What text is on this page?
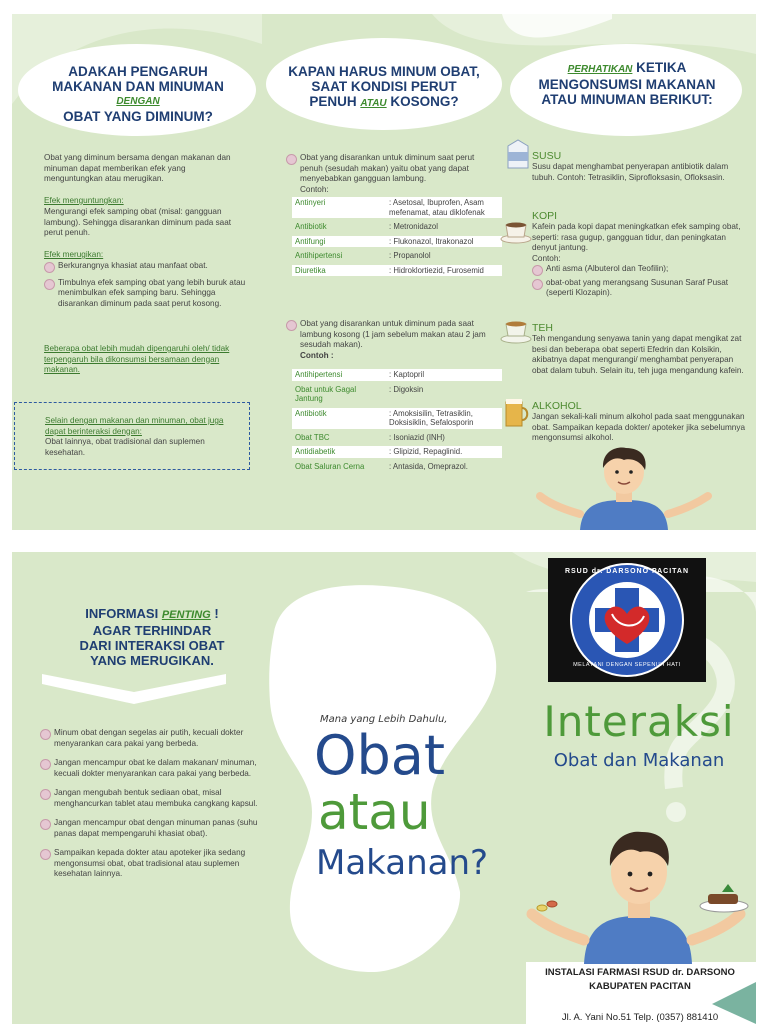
ADAKAH PENGARUH
MAKANAN DAN MINUMAN
DENGAN
OBAT YANG DIMINUM?
Obat yang diminum bersama dengan makanan dan minuman dapat memberikan efek yang menguntungkan atau merugikan.
Efek menguntungkan:
Mengurangi efek samping obat (misal: gangguan lambung). Sehingga disarankan diminum pada saat perut penuh.
Efek merugikan:
Berkurangnya khasiat atau manfaat obat.
Timbulnya efek samping obat yang lebih buruk atau menimbulkan efek samping baru. Sehingga disarankan diminum pada saat perut kosong.
Beberapa obat lebih mudah dipengaruhi oleh/ tidak terpengaruh bila dikonsumsi bersamaan dengan makanan.
Selain dengan makanan dan minuman, obat juga dapat berinteraksi dengan:
Obat lainnya, obat tradisional dan suplemen kesehatan.
KAPAN HARUS MINUM OBAT,
SAAT KONDISI PERUT
PENUH ATAU KOSONG?
Obat yang disarankan untuk diminum saat perut penuh (sesudah makan) yaitu obat yang dapat menyebabkan gangguan lambung.
Contoh:
Antinyeri	: Asetosal, Ibuprofen, Asam mefenamat, atau diklofenak
Antibiotik	: Metronidazol
Antifungi	: Flukonazol, Itrakonazol
Antihipertensi	: Propanolol
Diuretika	: Hidroklortiezid, Furosemid
Obat yang disarankan untuk diminum pada saat lambung kosong (1 jam sebelum makan atau 2 jam sesudah makan).
Contoh :
Antihipertensi	: Kaptopril
Obat untuk Gagal Jantung	: Digoksin
Antibiotik	: Amoksisilin, Tetrasiklin, Doksisiklin, Sefalosporin
Obat TBC	: Isoniazid (INH)
Antidiabetik	: Glipizid, Repaglinid.
Obat Saluran Cerna	: Antasida, Omeprazol.
PERHATIKAN KETIKA
MENGONSUMSI MAKANAN
ATAU MINUMAN BERIKUT:
SUSU
Susu dapat menghambat penyerapan antibiotik dalam tubuh. Contoh: Tetrasiklin, Siprofloksasin, Ofloksasin.
KOPI
Kafein pada kopi dapat meningkatkan efek samping obat, seperti: rasa gugup, gangguan tidur, dan peningkatan denyut jantung.
Contoh:
Anti asma (Albuterol dan Teofilin);
obat-obat yang merangsang Susunan Saraf Pusat (seperti Klozapin).
TEH
Teh mengandung senyawa tanin yang dapat mengikat zat besi dan beberapa obat seperti Efedrin dan Kolsikin, akibatnya dapat mengurangi/ menghambat penyerapan obat dalam tubuh. Selain itu, teh juga mengandung kafein.
ALKOHOL
Jangan sekali-kali minum alkohol pada saat menggunakan obat. Sampaikan kepada dokter/ apoteker jika sebelumnya mengonsumsi alkohol.
INFORMASI PENTING !
AGAR TERHINDAR
DARI INTERAKSI OBAT
YANG MERUGIKAN.
Minum obat dengan segelas air putih, kecuali dokter menyarankan cara pakai yang berbeda.
Jangan mencampur obat ke dalam makanan/ minuman, kecuali dokter menyarankan cara pakai yang berbeda.
Jangan mengubah bentuk sediaan obat, misal menghancurkan tablet atau membuka cangkang kapsul.
Jangan mencampur obat dengan minuman panas (suhu panas dapat mempengaruhi khasiat obat).
Sampaikan kepada dokter atau apoteker jika sedang mengonsumsi obat, obat tradisional atau suplemen kesehatan lainnya.
Mana yang Lebih Dahulu,
Obat
atau
Makanan?
RSUD dr. DARSONO PACITAN
MELAYANI DENGAN SEPENUH HATI
Interaksi
Obat dan Makanan
INSTALASI FARMASI RSUD dr. DARSONO
KABUPATEN PACITAN
Jl. A. Yani No.51 Telp. (0357) 881410
